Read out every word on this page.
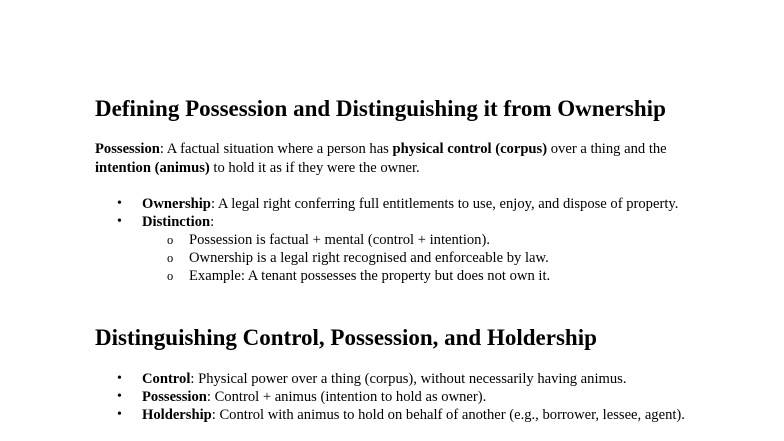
Defining Possession and Distinguishing it from Ownership

Possession: A factual situation where a person has physical control (corpus) over a thing and the intention (animus) to hold it as if they were the owner.

• Ownership: A legal right conferring full entitlements to use, enjoy, and dispose of property.
• Distinction:
o Possession is factual + mental (control + intention).
o Ownership is a legal right recognised and enforceable by law.
o Example: A tenant possesses the property but does not own it.
Distinguishing Control, Possession, and Holdership
• Control: Physical power over a thing (corpus), without necessarily having animus.
• Possession: Control + animus (intention to hold as owner).
• Holdership: Control with animus to hold on behalf of another (e.g., borrower, lessee, agent).
